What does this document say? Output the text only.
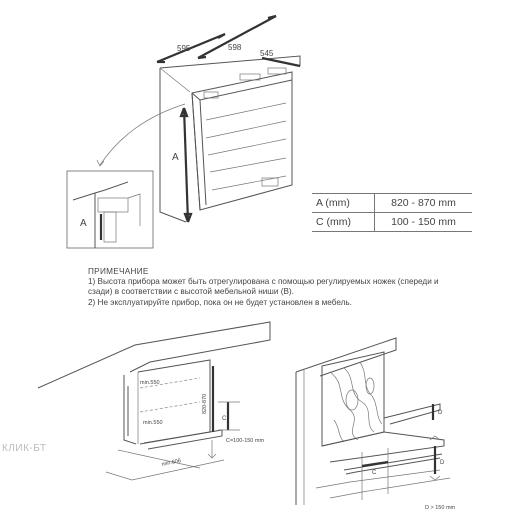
595	598
545
A
A
min.550
min.550
820-870
C
C=100-150 mm
min.606
C
D
D
D > 150 mm
A (mm)	820 - 870 mm
C (mm)	100 - 150 mm
ПРИМЕЧАНИЕ
1) Высота прибора может быть отрегулирована с помощью регулируемых ножек (спереди и
сзади) в соответствии с высотой мебельной ниши (B).
2) Не эксплуатируйте прибор, пока он не будет установлен в мебель.
КЛИК-БТ
